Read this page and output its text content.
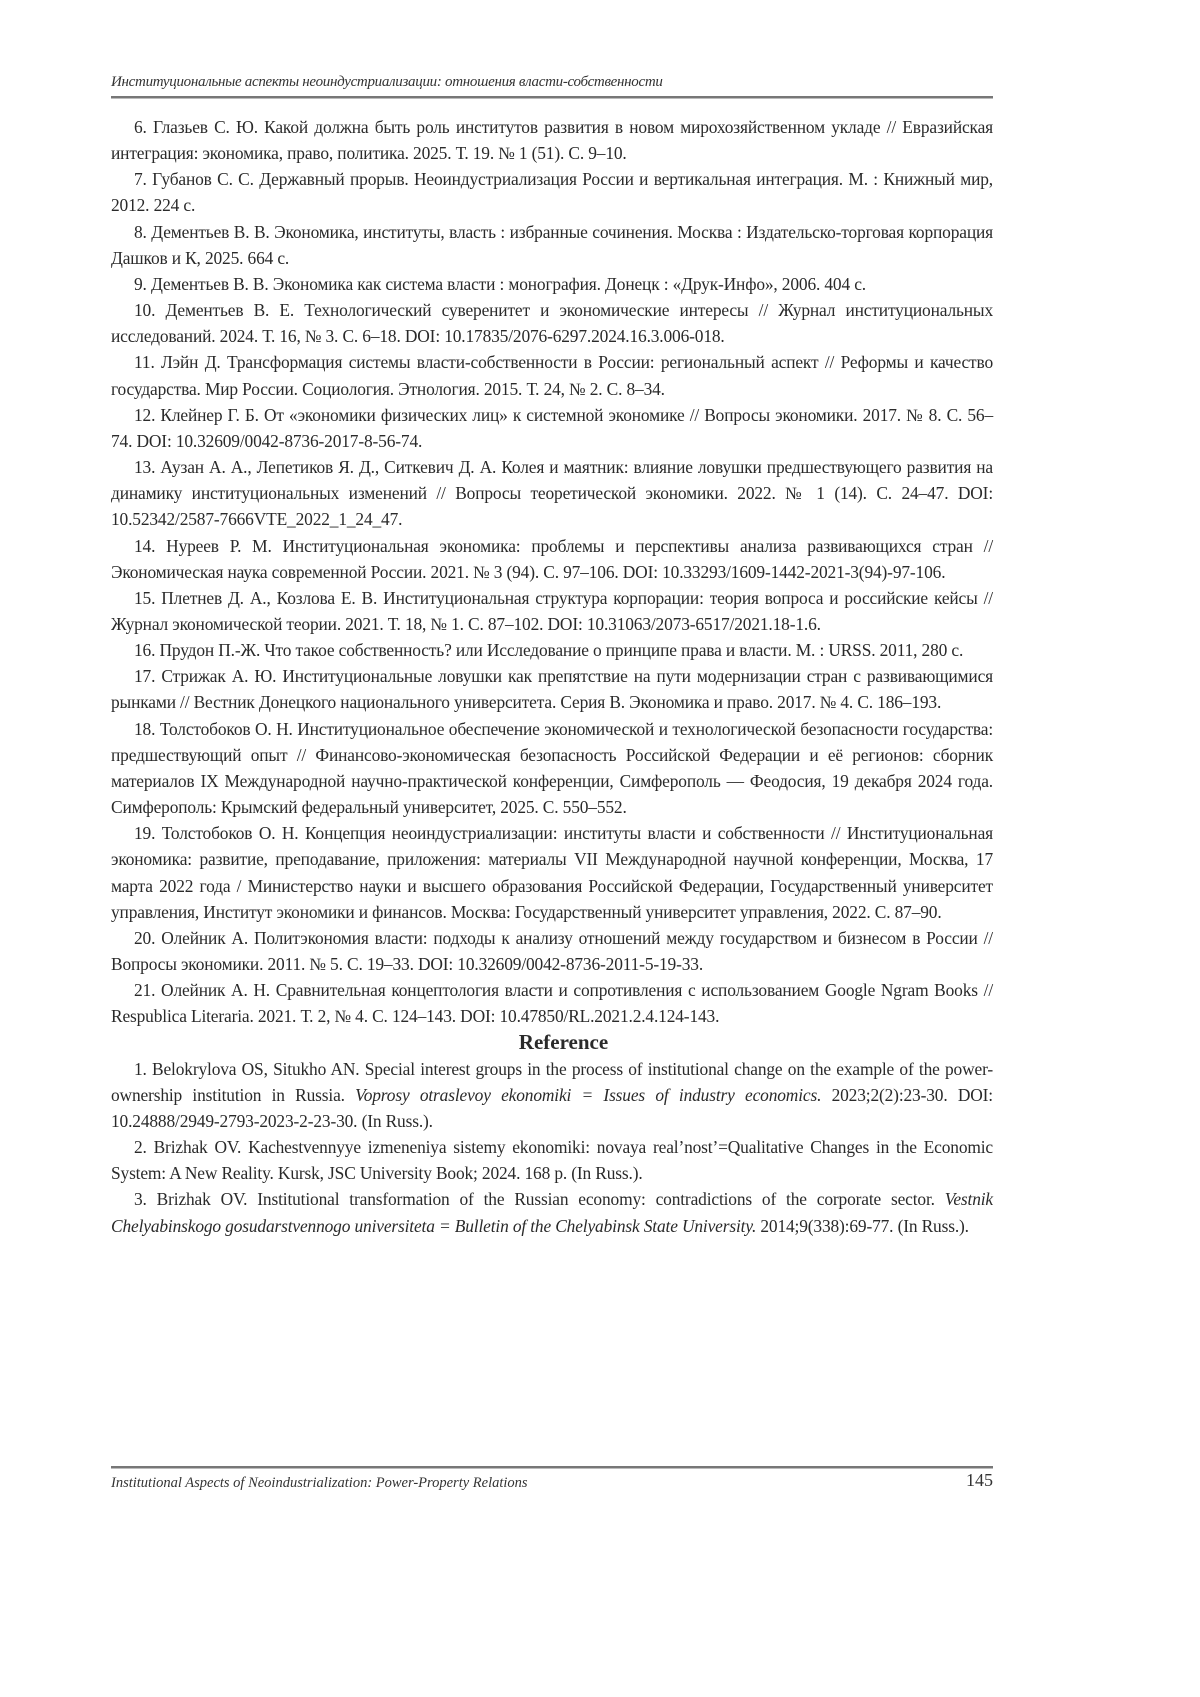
Институциональные аспекты неоиндустриализации: отношения власти-собственности

6. Глазьев С. Ю. Какой должна быть роль институтов развития в новом мирохозяйственном укладе // Евразийская интеграция: экономика, право, политика. 2025. Т. 19. № 1 (51). С. 9–10.

7. Губанов С. С. Державный прорыв. Неоиндустриализация России и вертикальная интеграция. М. : Книжный мир, 2012. 224 с.

8. Дементьев В. В. Экономика, институты, власть : избранные сочинения. Москва : Издательско-торговая корпорация Дашков и К, 2025. 664 с.

9. Дементьев В. В. Экономика как система власти : монография. Донецк : «Друк-Инфо», 2006. 404 с.

10. Дементьев В. Е. Технологический суверенитет и экономические интересы // Журнал институциональных исследований. 2024. Т. 16, № 3. С. 6–18. DOI: 10.17835/2076-6297.2024.16.3.006-018.

11. Лэйн Д. Трансформация системы власти-собственности в России: региональный аспект // Реформы и качество государства. Мир России. Социология. Этнология. 2015. Т. 24, № 2. С. 8–34.

12. Клейнер Г. Б. От «экономики физических лиц» к системной экономике // Вопросы экономики. 2017. № 8. С. 56–74. DOI: 10.32609/0042-8736-2017-8-56-74.

13. Аузан А. А., Лепетиков Я. Д., Ситкевич Д. А. Колея и маятник: влияние ловушки предшествующего развития на динамику институциональных изменений // Вопросы теоретической экономики. 2022. № 1 (14). С. 24–47. DOI: 10.52342/2587-7666VTE_2022_1_24_47.

14. Нуреев Р. М. Институциональная экономика: проблемы и перспективы анализа развивающихся стран // Экономическая наука современной России. 2021. № 3 (94). С. 97–106. DOI: 10.33293/1609-1442-2021-3(94)-97-106.

15. Плетнев Д. А., Козлова Е. В. Институциональная структура корпорации: теория вопроса и российские кейсы // Журнал экономической теории. 2021. Т. 18, № 1. С. 87–102. DOI: 10.31063/2073-6517/2021.18-1.6.

16. Прудон П.-Ж. Что такое собственность? или Исследование о принципе права и власти. М. : URSS. 2011, 280 с.

17. Стрижак А. Ю. Институциональные ловушки как препятствие на пути модернизации стран с развивающимися рынками // Вестник Донецкого национального университета. Серия В. Экономика и право. 2017. № 4. С. 186–193.

18. Толстобоков О. Н. Институциональное обеспечение экономической и технологической безопасности государства: предшествующий опыт // Финансово-экономическая безопасность Российской Федерации и её регионов: сборник материалов IX Международной научно-практической конференции, Симферополь — Феодосия, 19 декабря 2024 года. Симферополь: Крымский федеральный университет, 2025. С. 550–552.

19. Толстобоков О. Н. Концепция неоиндустриализации: институты власти и собственности // Институциональная экономика: развитие, преподавание, приложения: материалы VII Международной научной конференции, Москва, 17 марта 2022 года / Министерство науки и высшего образования Российской Федерации, Государственный университет управления, Институт экономики и финансов. Москва: Государственный университет управления, 2022. С. 87–90.

20. Олейник А. Политэкономия власти: подходы к анализу отношений между государством и бизнесом в России // Вопросы экономики. 2011. № 5. С. 19–33. DOI: 10.32609/0042-8736-2011-5-19-33.

21. Олейник А. Н. Сравнительная концептология власти и сопротивления с использованием Google Ngram Books // Respublica Literaria. 2021. Т. 2, № 4. С. 124–143. DOI: 10.47850/RL.2021.2.4.124-143.

Reference

1. Belokrylova OS, Situkho AN. Special interest groups in the process of institutional change on the example of the power-ownership institution in Russia. Voprosy otraslevoy ekonomiki = Issues of industry economics. 2023;2(2):23-30. DOI: 10.24888/2949-2793-2023-2-23-30. (In Russ.).

2. Brizhak OV. Kachestvennyye izmeneniya sistemy ekonomiki: novaya real’nost’=Qualitative Changes in the Economic System: A New Reality. Kursk, JSC University Book; 2024. 168 p. (In Russ.).

3. Brizhak OV. Institutional transformation of the Russian economy: contradictions of the corporate sector. Vestnik Chelyabinskogo gosudarstvennogo universiteta = Bulletin of the Chelyabinsk State University. 2014;9(338):69-77. (In Russ.).

Institutional Aspects of Neoindustrialization: Power-Property Relations	145
